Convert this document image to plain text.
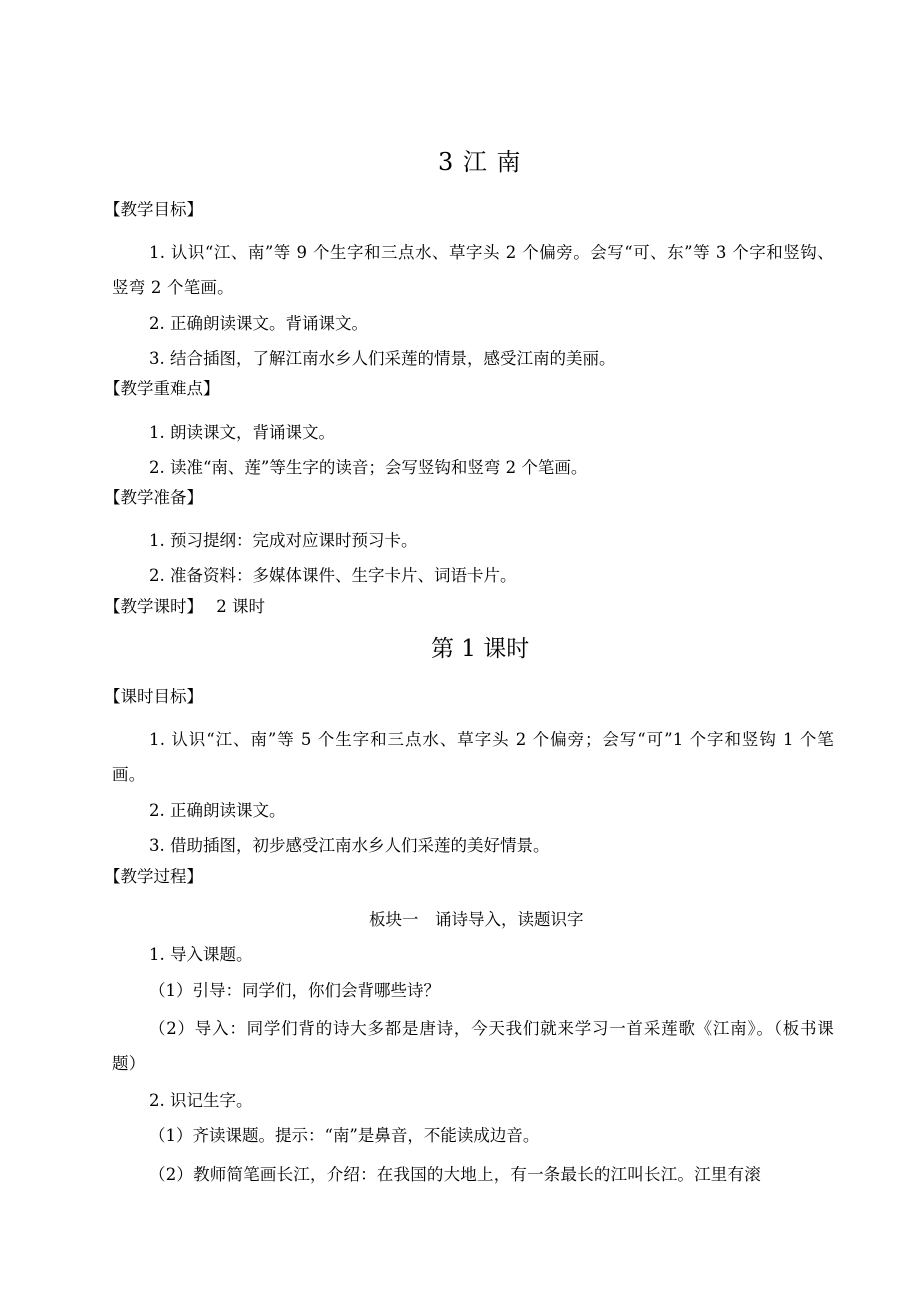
3 江 南
【教学目标】
1. 认识“江、南”等 9 个生字和三点水、草字头 2 个偏旁。会写“可、东”等 3 个字和竖钩、竖弯 2 个笔画。
2. 正确朗读课文。背诵课文。
3. 结合插图，了解江南水乡人们采莲的情景，感受江南的美丽。
【教学重难点】
1. 朗读课文，背诵课文。
2. 读准“南、莲”等生字的读音；会写竖钩和竖弯 2 个笔画。
【教学准备】
1. 预习提纲：完成对应课时预习卡。
2. 准备资料：多媒体课件、生字卡片、词语卡片。
【教学课时】 2 课时
第 1 课时
【课时目标】
1. 认识“江、南”等 5 个生字和三点水、草字头 2 个偏旁；会写“可”1 个字和竖钩 1 个笔画。
2. 正确朗读课文。
3. 借助插图，初步感受江南水乡人们采莲的美好情景。
【教学过程】
板块一　诵诗导入，读题识字
1. 导入课题。
（1）引导：同学们，你们会背哪些诗？
（2）导入：同学们背的诗大多都是唐诗，今天我们就来学习一首采莲歌《江南》。（板书课题）
2. 识记生字。
（1）齐读课题。提示：“南”是鼻音，不能读成边音。
（2）教师简笔画长江，介绍：在我国的大地上，有一条最长的江叫长江。江里有滚
